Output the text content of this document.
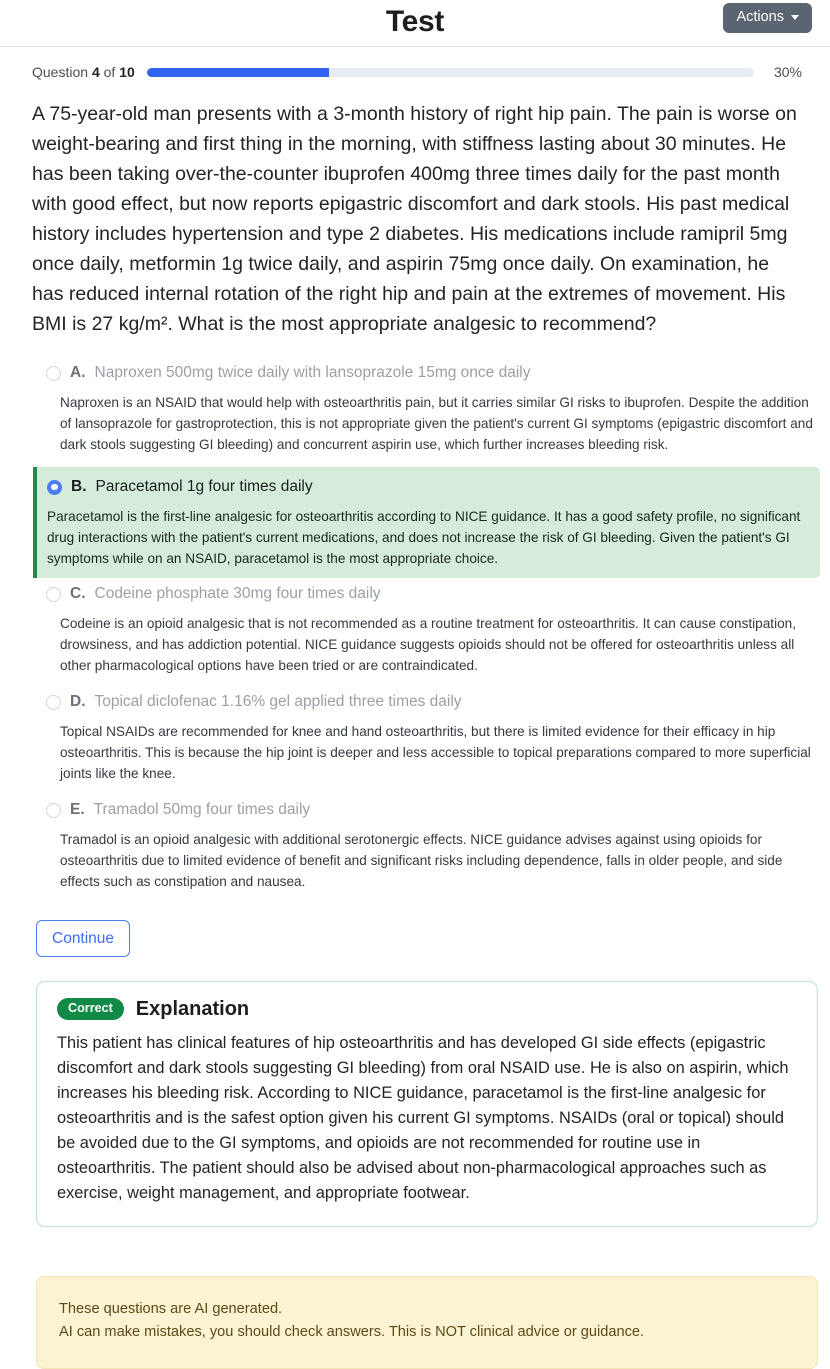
Test	Actions
Question 4 of 10	30%
A 75-year-old man presents with a 3-month history of right hip pain. The pain is worse on weight-bearing and first thing in the morning, with stiffness lasting about 30 minutes. He has been taking over-the-counter ibuprofen 400mg three times daily for the past month with good effect, but now reports epigastric discomfort and dark stools. His past medical history includes hypertension and type 2 diabetes. His medications include ramipril 5mg once daily, metformin 1g twice daily, and aspirin 75mg once daily. On examination, he has reduced internal rotation of the right hip and pain at the extremes of movement. His BMI is 27 kg/m². What is the most appropriate analgesic to recommend?
A. Naproxen 500mg twice daily with lansoprazole 15mg once daily
Naproxen is an NSAID that would help with osteoarthritis pain, but it carries similar GI risks to ibuprofen. Despite the addition of lansoprazole for gastroprotection, this is not appropriate given the patient's current GI symptoms (epigastric discomfort and dark stools suggesting GI bleeding) and concurrent aspirin use, which further increases bleeding risk.
B. Paracetamol 1g four times daily
Paracetamol is the first-line analgesic for osteoarthritis according to NICE guidance. It has a good safety profile, no significant drug interactions with the patient's current medications, and does not increase the risk of GI bleeding. Given the patient's GI symptoms while on an NSAID, paracetamol is the most appropriate choice.
C. Codeine phosphate 30mg four times daily
Codeine is an opioid analgesic that is not recommended as a routine treatment for osteoarthritis. It can cause constipation, drowsiness, and has addiction potential. NICE guidance suggests opioids should not be offered for osteoarthritis unless all other pharmacological options have been tried or are contraindicated.
D. Topical diclofenac 1.16% gel applied three times daily
Topical NSAIDs are recommended for knee and hand osteoarthritis, but there is limited evidence for their efficacy in hip osteoarthritis. This is because the hip joint is deeper and less accessible to topical preparations compared to more superficial joints like the knee.
E. Tramadol 50mg four times daily
Tramadol is an opioid analgesic with additional serotonergic effects. NICE guidance advises against using opioids for osteoarthritis due to limited evidence of benefit and significant risks including dependence, falls in older people, and side effects such as constipation and nausea.
Continue
Correct	Explanation
This patient has clinical features of hip osteoarthritis and has developed GI side effects (epigastric discomfort and dark stools suggesting GI bleeding) from oral NSAID use. He is also on aspirin, which increases his bleeding risk. According to NICE guidance, paracetamol is the first-line analgesic for osteoarthritis and is the safest option given his current GI symptoms. NSAIDs (oral or topical) should be avoided due to the GI symptoms, and opioids are not recommended for routine use in osteoarthritis. The patient should also be advised about non-pharmacological approaches such as exercise, weight management, and appropriate footwear.
These questions are AI generated.
AI can make mistakes, you should check answers. This is NOT clinical advice or guidance.
